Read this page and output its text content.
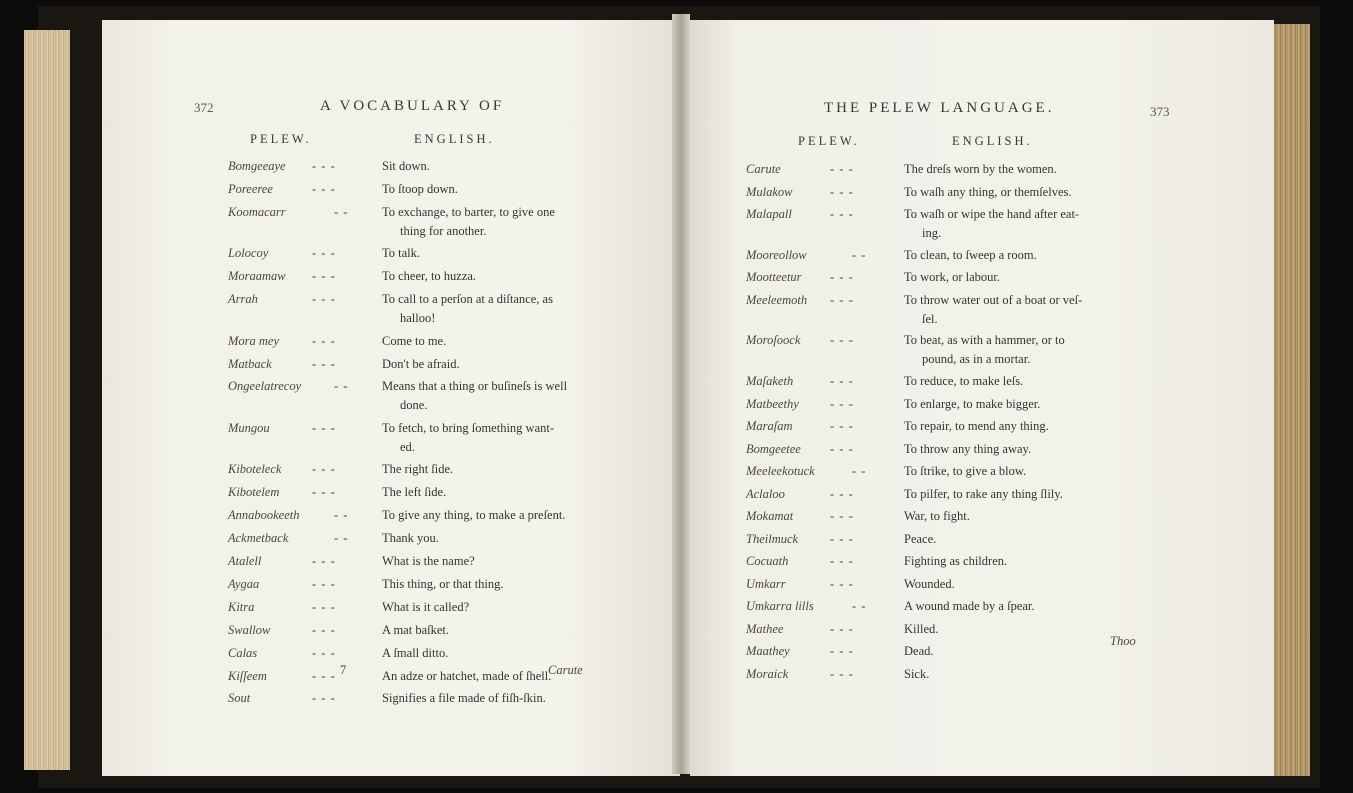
372	A VOCABULARY OF
PELEW.	ENGLISH.
Bomgeeaye - - -	Sit down.
Poreeree	- - -	To ſtoop down.
Koomacarr	- -	To exchange, to barter, to give one
thing for another.
Lolocoy	- - -	To talk.
Moraamaw - - -	To cheer, to huzza.
Arrah	- - -	To call to a perſon at a diſtance, as
halloo!
Mora mey	- - -	Come to me.
Matback	- - -	Don't be afraid.
Ongeelatrecoy	- -	Means that a thing or buſineſs is well
done.
Mungou	- - -	To fetch, to bring ſomething want-
ed.
Kiboteleck - - -	The right ſide.
Kibotelem	- - -	The left ſide.
Annabookeeth	- -	To give any thing, to make a preſent.
Ackmetback	- -	Thank you.
Atalell	- - -	What is the name?
Aygaa	- - -	This thing, or that thing.
Kitra	- - -	What is it called?
Swallow	- - -	A mat baſket.
Calas	- - -	A ſmall ditto.
Kiſſeem	- - -	An adze or hatchet, made of ſhell.
Sout	- - -	Signifies a file made of fiſh-ſkin.
7	Carute
THE PELEW LANGUAGE.	373
PELEW.	ENGLISH.
Carute	- - -	The dreſs worn by the women.
Mulakow	- - -	To waſh any thing, or themſelves.
Malapall	- - -	To waſh or wipe the hand after eat-
ing.
Mooreollow	- -	To clean, to ſweep a room.
Mootteetur - - -	To work, or labour.
Meeleemoth - - -	To throw water out of a boat or veſ-
ſel.
Moroſoock - - -	To beat, as with a hammer, or to
pound, as in a mortar.
Maſaketh	- - -	To reduce, to make leſs.
Matbeethy - - -	To enlarge, to make bigger.
Maraſam	- - -	To repair, to mend any thing.
Bomgeetee - - -	To throw any thing away.
Meeleekotuck	- -	To ſtrike, to give a blow.
Aclaloo	- - -	To pilfer, to rake any thing ſlily.
Mokamat	- - -	War, to fight.
Theilmuck	- - -	Peace.
Cocuath	- - -	Fighting as children.
Umkarr	- - -	Wounded.
Umkarra lills	- -	A wound made by a ſpear.
Mathee	- - -	Killed.
Maathey	- - -	Dead.
Moraick	- - -	Sick.
Thoo
